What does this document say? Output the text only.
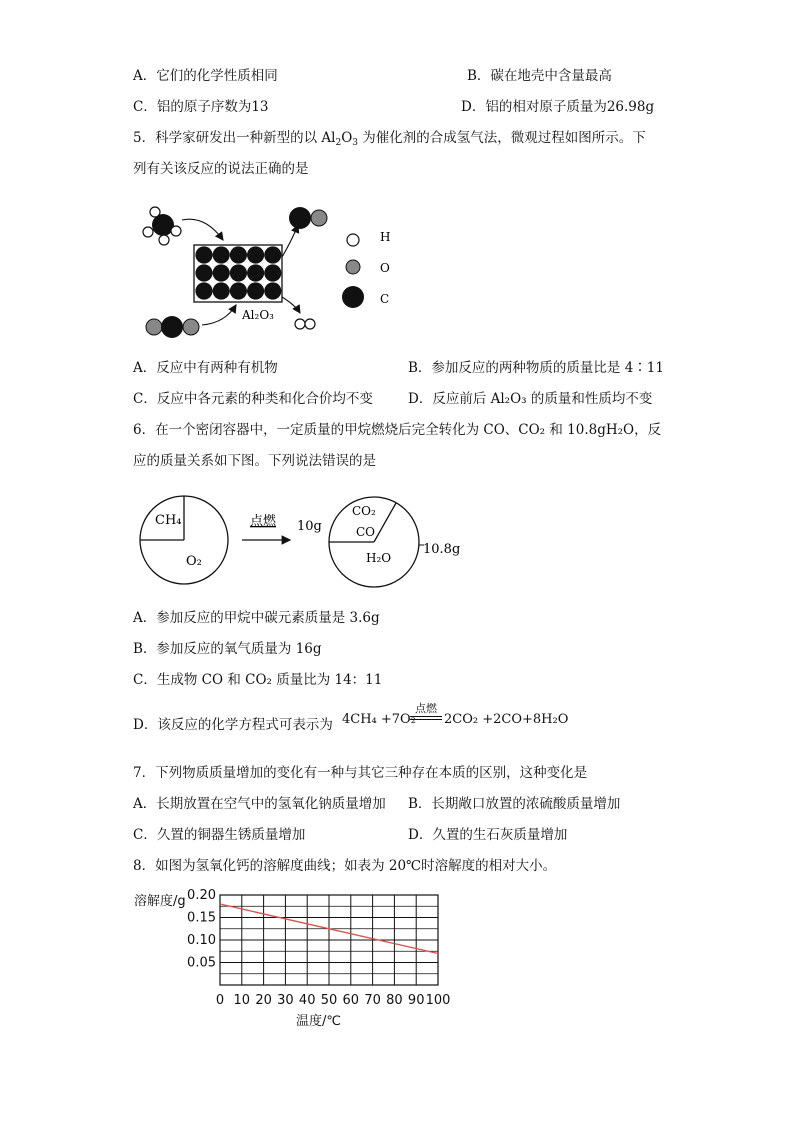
A．它们的化学性质相同	B．碳在地壳中含量最高
C．铝的原子序数为13	D．铝的相对原子质量为26.98g
5．科学家研发出一种新型的以 $Al_2O_3$ 为催化剂的合成氢气法，微观过程如图所示。下
列有关该反应的说法正确的是
Al₂O₃
H
O
C
A．反应中有两种有机物	B．参加反应的两种物质的质量比是 4∶11
C．反应中各元素的种类和化合价均不变	D．反应前后 Al₂O₃ 的质量和性质均不变
6．在一个密闭容器中，一定质量的甲烷燃烧后完全转化为 CO、CO₂ 和 10.8gH₂O，反
应的质量关系如下图。下列说法错误的是
CH₄
O₂
点燃 10g
CO₂
CO
H₂O
10.8g
A．参加反应的甲烷中碳元素质量是 3.6g
B．参加反应的氧气质量为 16g
C．生成物 CO 和 CO₂ 质量比为 14：11
D．该反应的化学方程式可表示为 4CH₄ +7O₂
点燃
2CO₂ +2CO+8H₂O
7．下列物质质量增加的变化有一种与其它三种存在本质的区别，这种变化是
A．长期放置在空气中的氢氧化钠质量增加 B．长期敞口放置的浓硫酸质量增加
C．久置的铜器生锈质量增加	D．久置的生石灰质量增加
8．如图为氢氧化钙的溶解度曲线；如表为 20℃时溶解度的相对大小。
溶解度/g 0.20
0.15
0.10
0.05
0 10 20 30 40 50 60 70 80 90 100
温度/℃
